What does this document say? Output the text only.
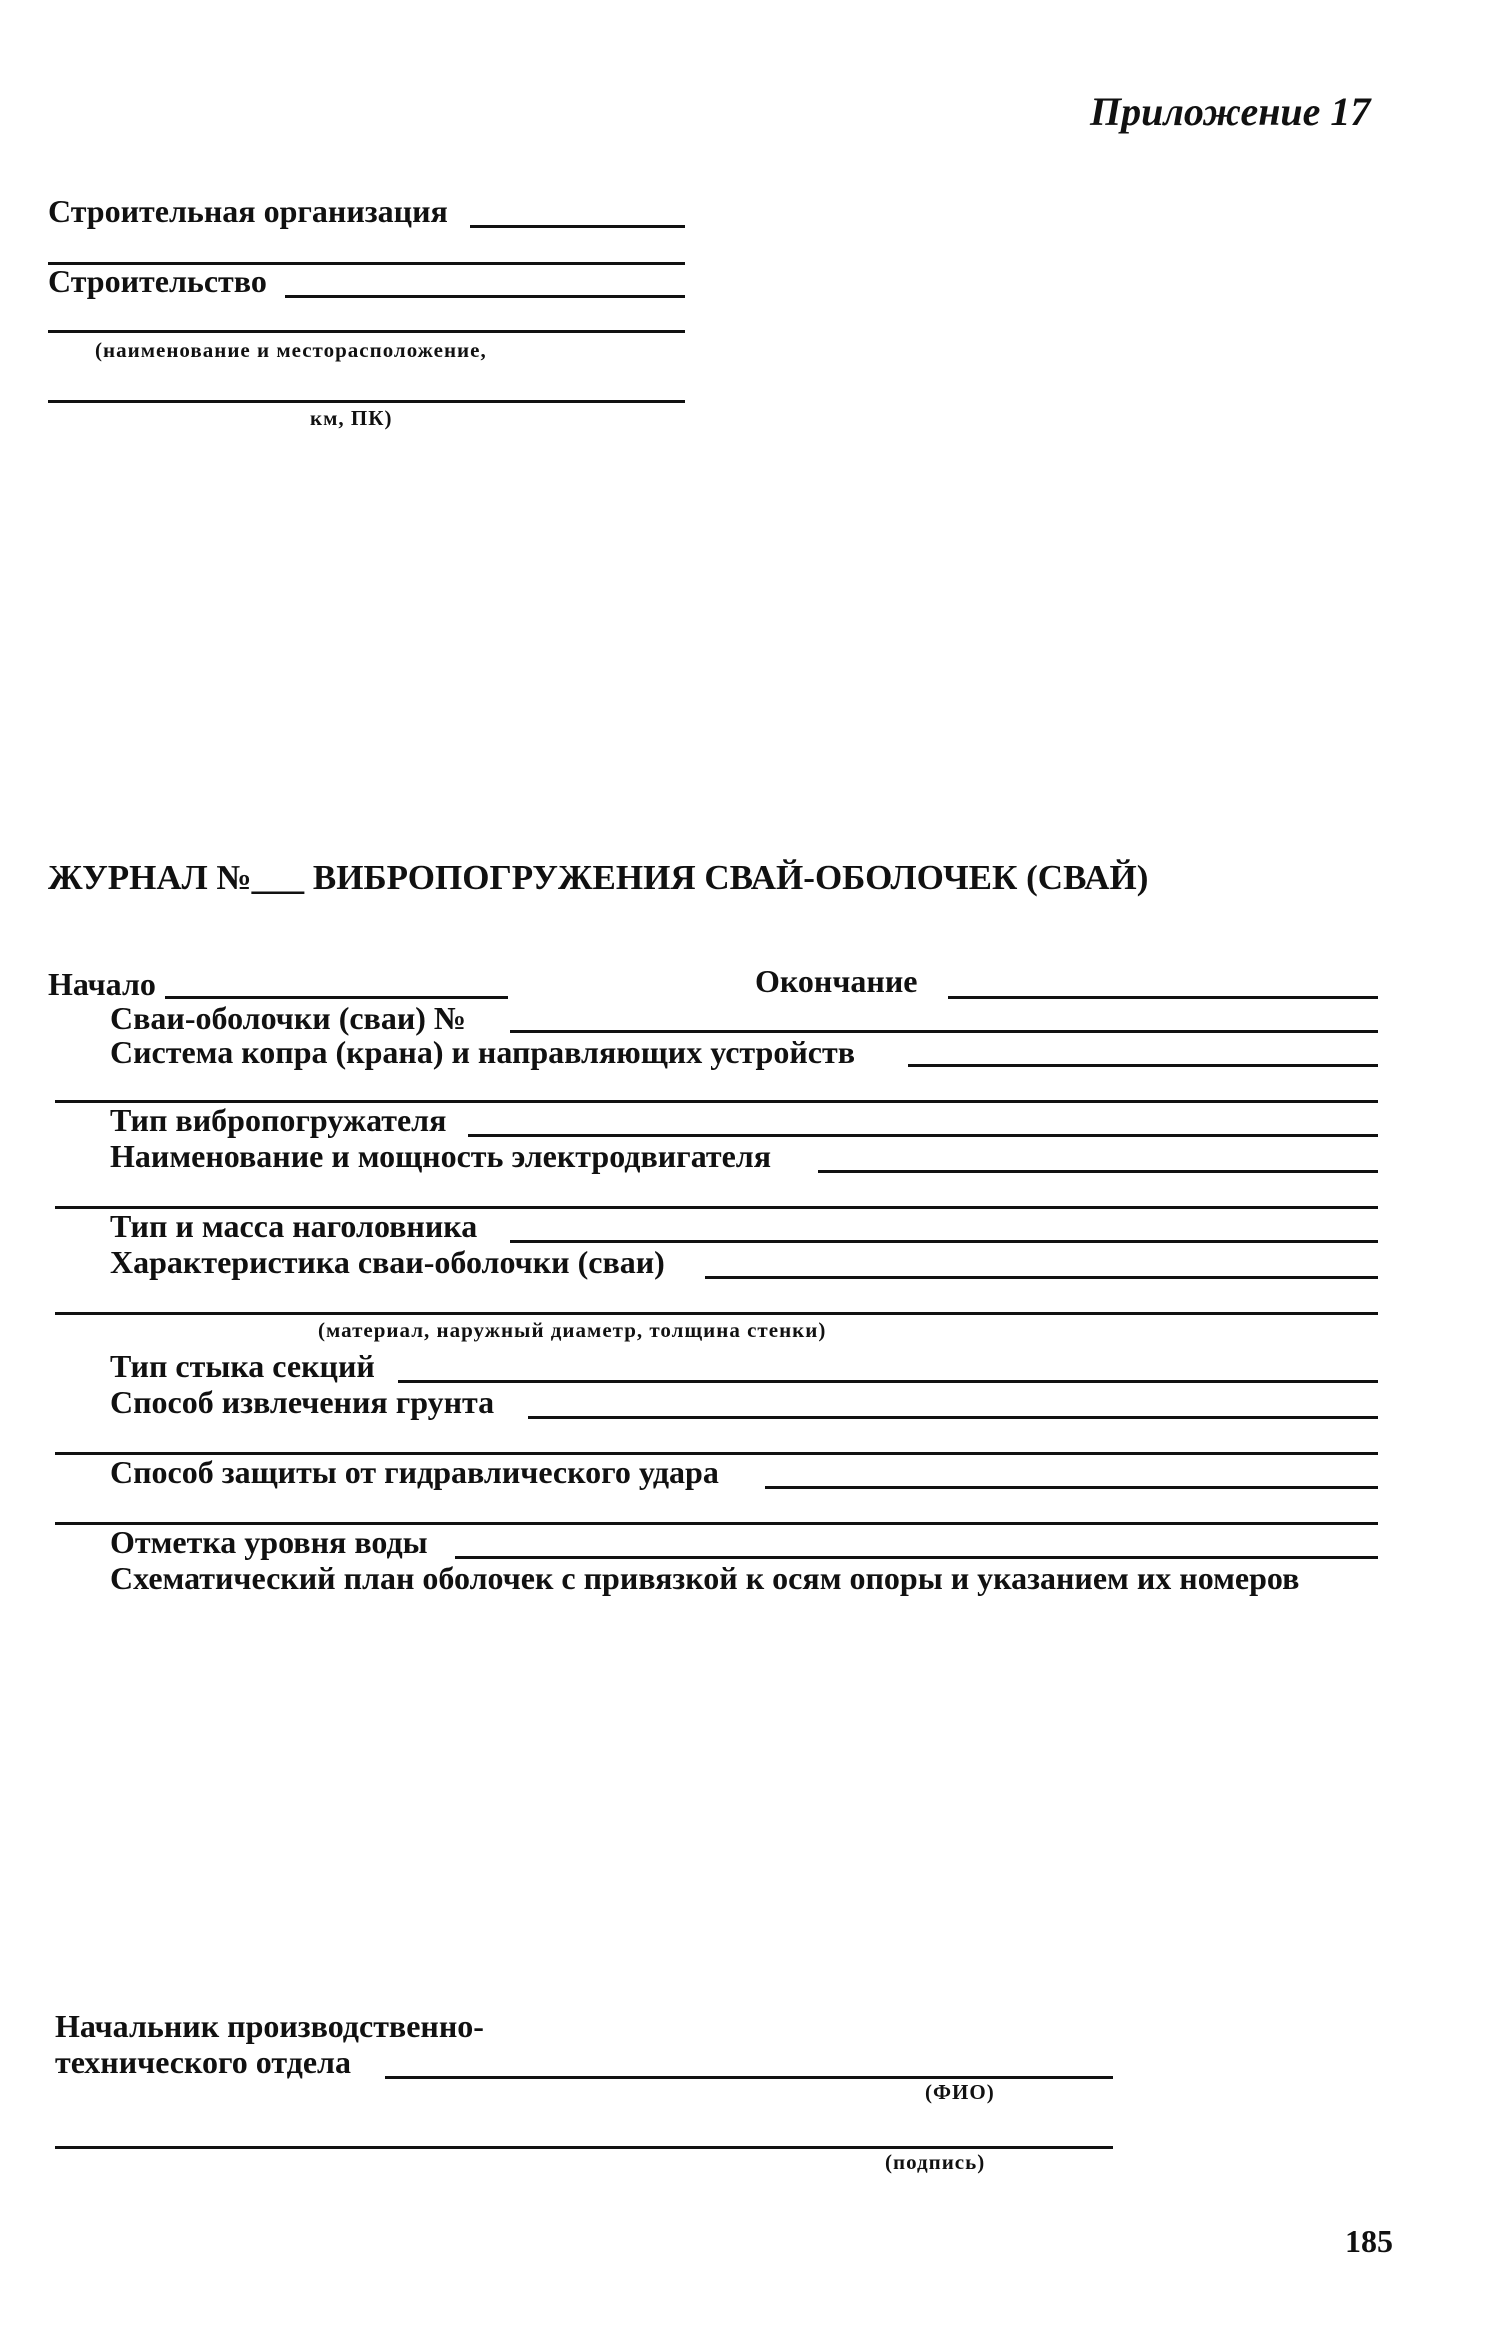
Приложение 17
Строительная организация
Строительство
(наименование и месторасположение,
км, ПК)
ЖУРНАЛ №___ ВИБРОПОГРУЖЕНИЯ СВАЙ-ОБОЛОЧЕК (СВАЙ)
Начало	Окончание
Сваи-оболочки (сваи) №
Система копра (крана) и направляющих устройств
Тип вибропогружателя
Наименование и мощность электродвигателя
Тип и масса наголовника
Характеристика сваи-оболочки (сваи)
(материал, наружный диаметр, толщина стенки)
Тип стыка секций
Способ извлечения грунта
Способ защиты от гидравлического удара
Отметка уровня воды
Схематический план оболочек с привязкой к осям опоры и указанием их номеров
Начальник производственно-
технического отдела
(ФИО)
(подпись)
185
